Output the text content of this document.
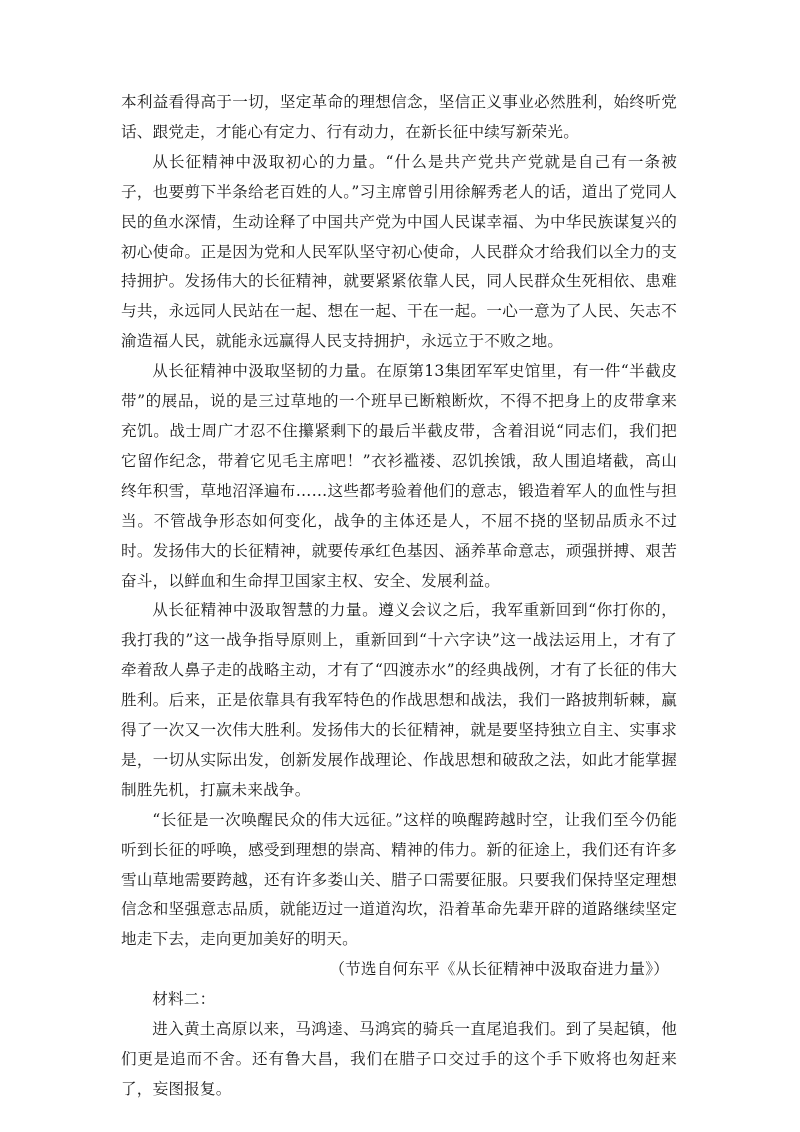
本利益看得高于一切，坚定革命的理想信念，坚信正义事业必然胜利，始终听党话、跟党走，才能心有定力、行有动力，在新长征中续写新荣光。

从长征精神中汲取初心的力量。“什么是共产党共产党就是自己有一条被子，也要剪下半条给老百姓的人。”习主席曾引用徐解秀老人的话，道出了党同人民的鱼水深情，生动诠释了中国共产党为中国人民谋幸福、为中华民族谋复兴的初心使命。正是因为党和人民军队坚守初心使命，人民群众才给我们以全力的支持拥护。发扬伟大的长征精神，就要紧紧依靠人民，同人民群众生死相依、患难与共，永远同人民站在一起、想在一起、干在一起。一心一意为了人民、矢志不渝造福人民，就能永远赢得人民支持拥护，永远立于不败之地。

从长征精神中汲取坚韧的力量。在原第13集团军军史馆里，有一件“半截皮带”的展品，说的是三过草地的一个班早已断粮断炊，不得不把身上的皮带拿来充饥。战士周广才忍不住攥紧剩下的最后半截皮带，含着泪说“同志们，我们把它留作纪念，带着它见毛主席吧！”衣衫褴褛、忍饥挨饿，敌人围追堵截，高山终年积雪，草地沼泽遍布……这些都考验着他们的意志，锻造着军人的血性与担当。不管战争形态如何变化，战争的主体还是人，不屈不挠的坚韧品质永不过时。发扬伟大的长征精神，就要传承红色基因、涵养革命意志，顽强拼搏、艰苦奋斗，以鲜血和生命捍卫国家主权、安全、发展利益。

从长征精神中汲取智慧的力量。遵义会议之后，我军重新回到“你打你的，我打我的”这一战争指导原则上，重新回到“十六字诀”这一战法运用上，才有了牵着敌人鼻子走的战略主动，才有了“四渡赤水”的经典战例，才有了长征的伟大胜利。后来，正是依靠具有我军特色的作战思想和战法，我们一路披荆斩棘，赢得了一次又一次伟大胜利。发扬伟大的长征精神，就是要坚持独立自主、实事求是，一切从实际出发，创新发展作战理论、作战思想和破敌之法，如此才能掌握制胜先机，打赢未来战争。

“长征是一次唤醒民众的伟大远征。”这样的唤醒跨越时空，让我们至今仍能听到长征的呼唤，感受到理想的崇高、精神的伟力。新的征途上，我们还有许多雪山草地需要跨越，还有许多娄山关、腊子口需要征服。只要我们保持坚定理想信念和坚强意志品质，就能迈过一道道沟坎，沿着革命先辈开辟的道路继续坚定地走下去，走向更加美好的明天。

（节选自何东平《从长征精神中汲取奋进力量》）

材料二：

进入黄土高原以来，马鸿逵、马鸿宾的骑兵一直尾追我们。到了吴起镇，他们更是追而不舍。还有鲁大昌，我们在腊子口交过手的这个手下败将也匆赶来了，妄图报复。
